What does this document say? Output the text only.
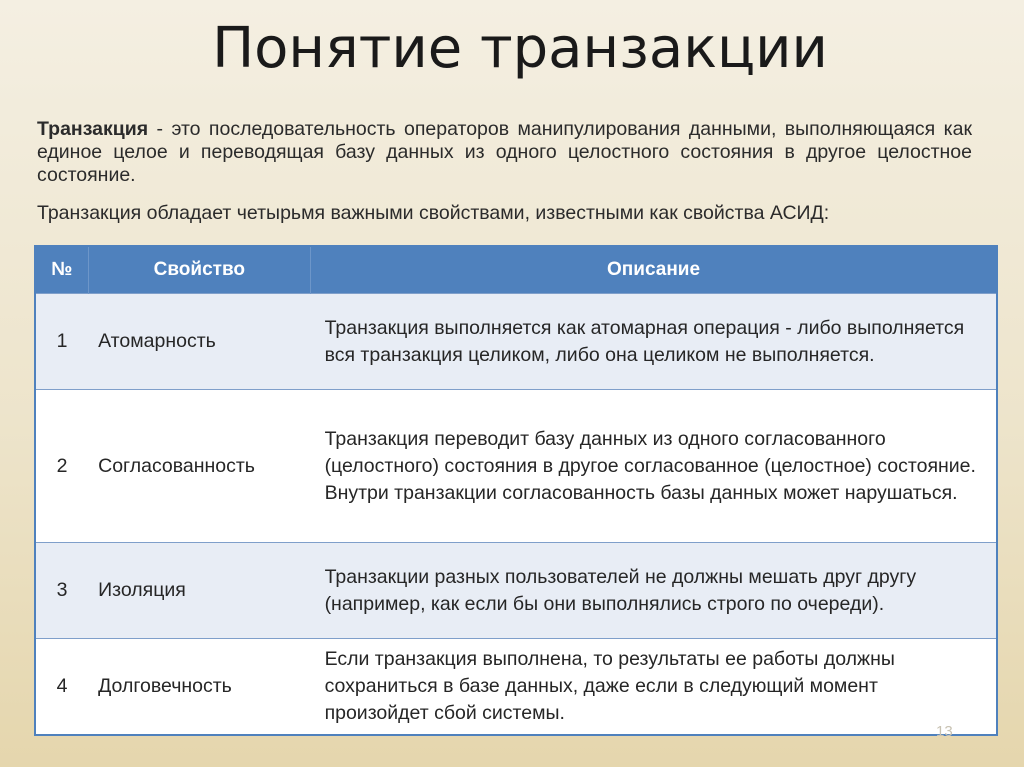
Понятие транзакции
Транзакция - это последовательность операторов манипулирования данными, выполняющаяся как единое целое и переводящая базу данных из одного целостного состояния в другое целостное состояние.
Транзакция обладает четырьмя важными свойствами, известными как свойства АСИД:
№	Свойство	Описание
1	Атомарность	Транзакция выполняется как атомарная операция - либо выполняется вся транзакция целиком, либо она целиком не выполняется.
2	Согласованность	Транзакция переводит базу данных из одного согласованного (целостного) состояния в другое согласованное (целостное) состояние. Внутри транзакции согласованность базы данных может нарушаться.
3	Изоляция	Транзакции разных пользователей не должны мешать друг другу (например, как если бы они выполнялись строго по очереди).
4	Долговечность	Если транзакция выполнена, то результаты ее работы должны сохраниться в базе данных, даже если в следующий момент произойдет сбой системы.
13
